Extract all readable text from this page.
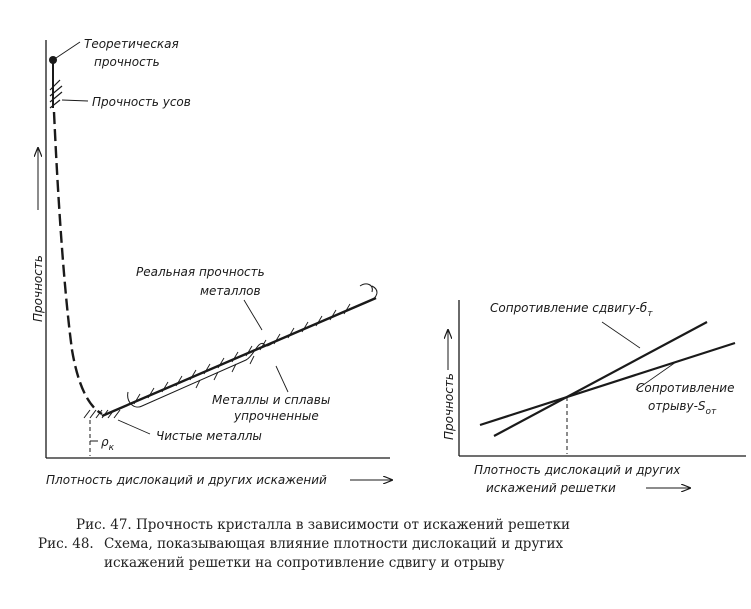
Прочность
Теоретическая
прочность
Прочность усов
Реальная прочность
металлов
Металлы и сплавы
упрочненные
Чистые металлы
$\rho_к$
Плотность дислокаций и других искажений
Прочность
Сопротивление сдвигу-$б_т$
Сопротивление
отрыву-$S_{от}$
Плотность дислокаций и других
искажений решетки

Рис. 47. Прочность кристалла в зависимости от искажений решетки

Рис. 48. Схема, показывающая влияние плотности дислокаций и других
искажений решетки на сопротивление сдвигу и отрыву
